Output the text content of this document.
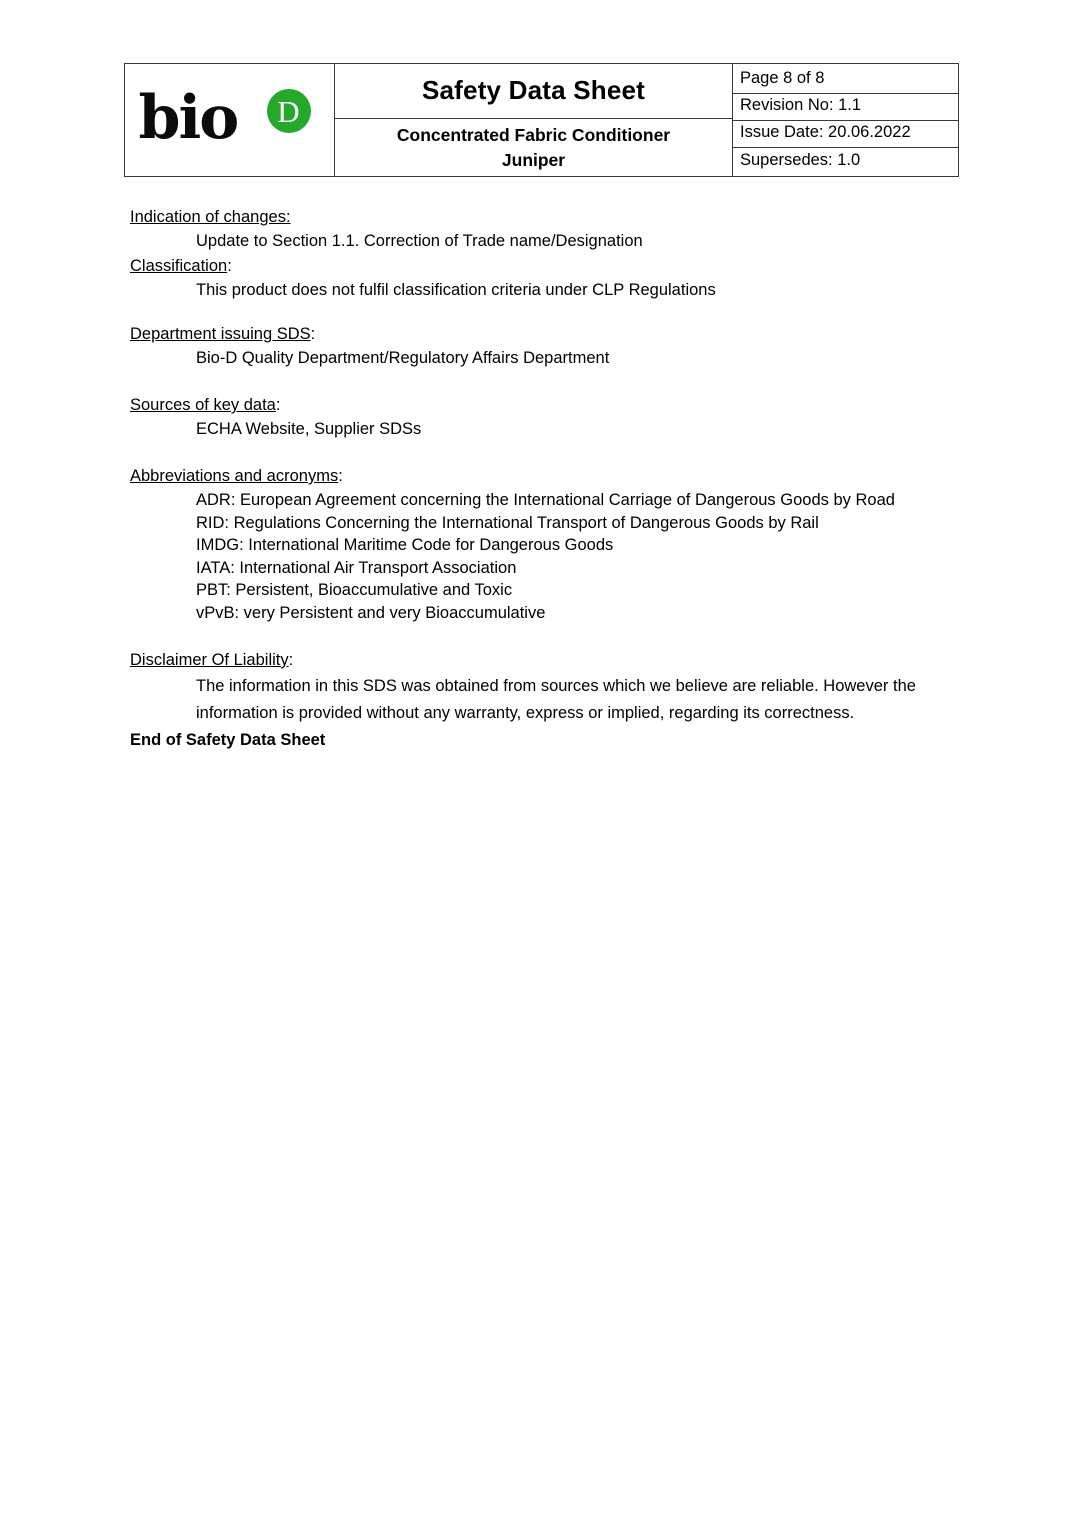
bio	D

Safety Data Sheet
Concentrated Fabric Conditioner
Juniper

Page 8 of 8
Revision No: 1.1
Issue Date: 20.06.2022
Supersedes: 1.0
Indication of changes:
Update to Section 1.1. Correction of Trade name/Designation
Classification:
This product does not fulfil classification criteria under CLP Regulations
Department issuing SDS:
Bio-D Quality Department/Regulatory Affairs Department
Sources of key data:
ECHA Website, Supplier SDSs
Abbreviations and acronyms:
ADR: European Agreement concerning the International Carriage of Dangerous Goods by Road
RID: Regulations Concerning the International Transport of Dangerous Goods by Rail
IMDG: International Maritime Code for Dangerous Goods
IATA: International Air Transport Association
PBT: Persistent, Bioaccumulative and Toxic
vPvB: very Persistent and very Bioaccumulative
Disclaimer Of Liability:
The information in this SDS was obtained from sources which we believe are reliable. However the information is provided without any warranty, express or implied, regarding its correctness.
End of Safety Data Sheet
